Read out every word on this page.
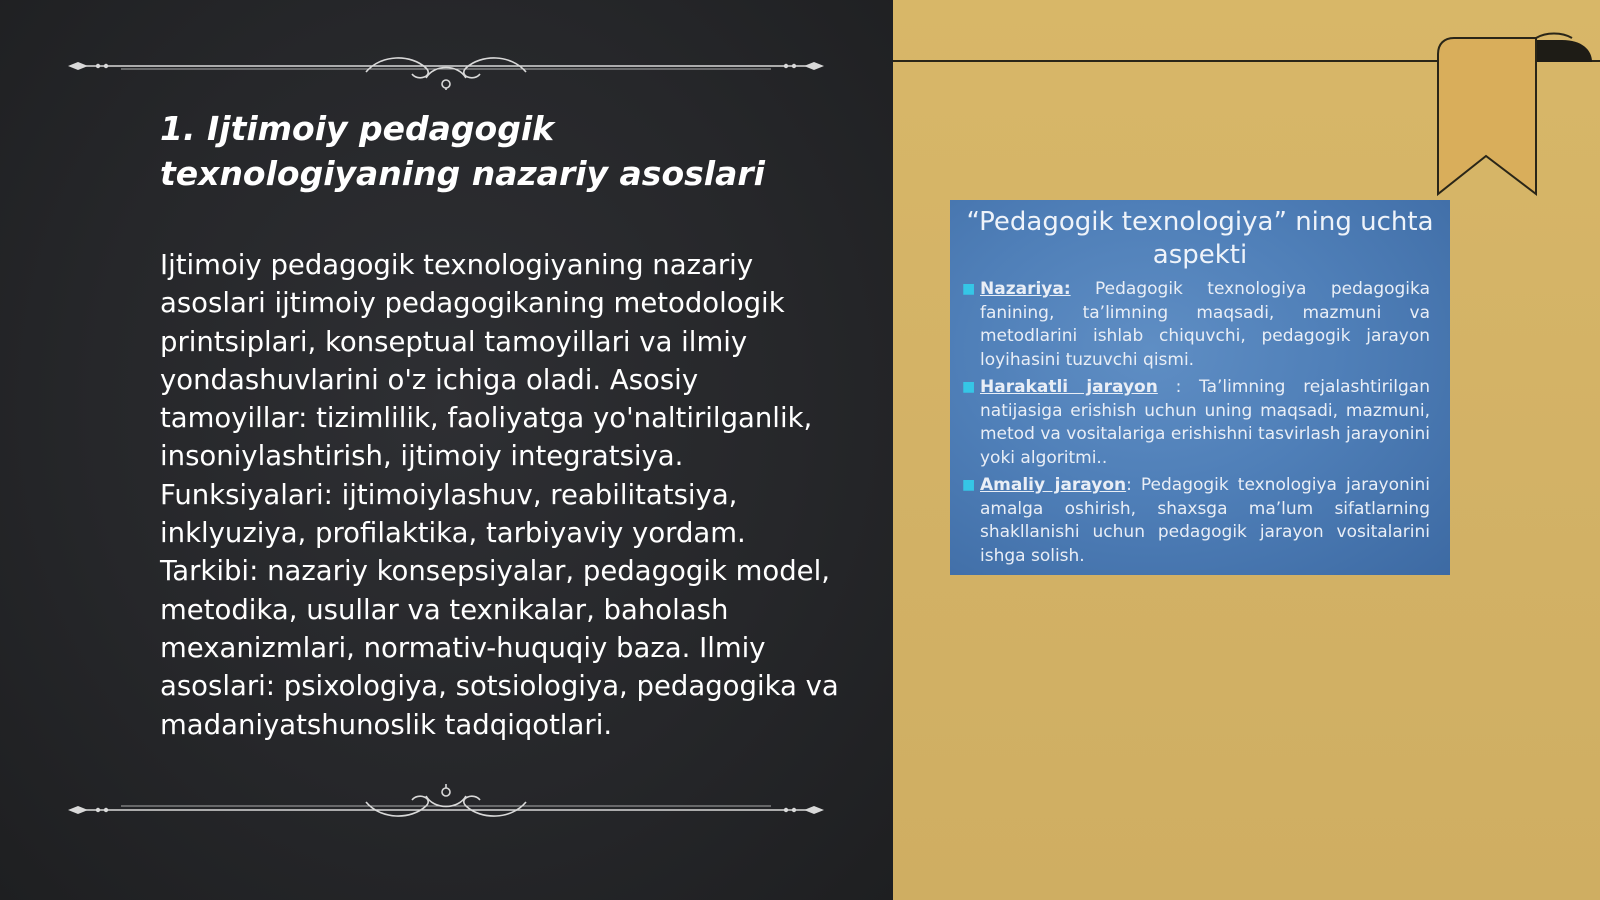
1. Ijtimoiy pedagogik texnologiyaning nazariy asoslari

Ijtimoiy pedagogik texnologiyaning nazariy asoslari ijtimoiy pedagogikaning metodologik printsiplari, konseptual tamoyillari va ilmiy yondashuvlarini o'z ichiga oladi. Asosiy tamoyillar: tizimlilik, faoliyatga yo'naltirilganlik, insoniylashtirish, ijtimoiy integratsiya. Funksiyalari: ijtimoiylashuv, reabilitatsiya, inklyuziya, profilaktika, tarbiyaviy yordam. Tarkibi: nazariy konsepsiyalar, pedagogik model, metodika, usullar va texnikalar, baholash mexanizmlari, normativ-huquqiy baza. Ilmiy asoslari: psixologiya, sotsiologiya, pedagogika va madaniyatshunoslik tadqiqotlari.

“Pedagogik texnologiya” ning uchta aspekti
■ Nazariya: Pedagogik texnologiya pedagogika fanining, ta’limning maqsadi, mazmuni va metodlarini ishlab chiquvchi, pedagogik jarayon loyihasini tuzuvchi qismi.
■ Harakatli jarayon : Ta’limning rejalashtirilgan natijasiga erishish uchun uning maqsadi, mazmuni, metod va vositalariga erishishni tasvirlash jarayonini yoki algoritmi..
■ Amaliy jarayon: Pedagogik texnologiya jarayonini amalga oshirish, shaxsga ma’lum sifatlarning shakllanishi uchun pedagogik jarayon vositalarini ishga solish.
